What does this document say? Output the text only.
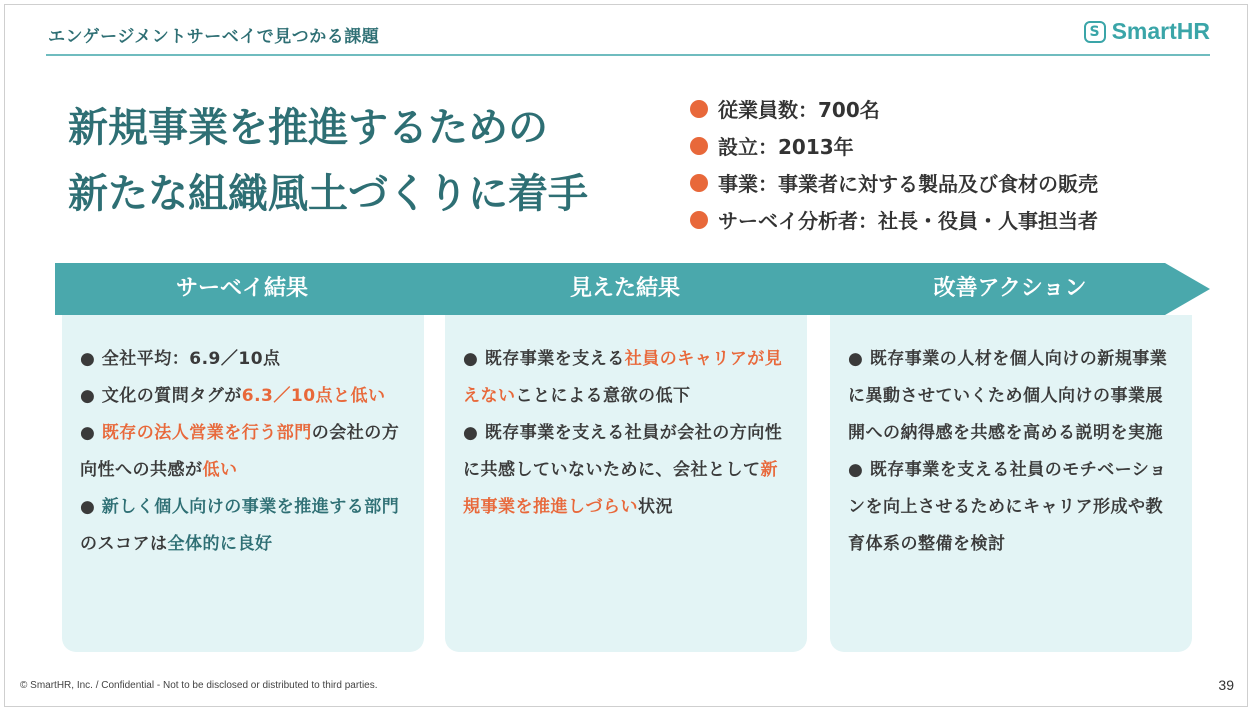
エンゲージメントサーベイで見つかる課題	S SmartHR
新規事業を推進するための
新たな組織風土づくりに着手
従業員数：700名
設立：2013年
事業：事業者に対する製品及び食材の販売
サーベイ分析者：社長・役員・人事担当者
サーベイ結果	見えた結果	改善アクション

● 全社平均：6.9／10点

● 文化の質問タグが6.3／10点と低い

● 既存の法人営業を行う部門の会社の方向性への共感が低い

● 新しく個人向けの事業を推進する部門のスコアは全体的に良好

● 既存事業を支える社員のキャリアが見えないことによる意欲の低下

● 既存事業を支える社員が会社の方向性に共感していないために、会社として新規事業を推進しづらい状況

● 既存事業の人材を個人向けの新規事業に異動させていくため個人向けの事業展開への納得感を共感を高める説明を実施

● 既存事業を支える社員のモチベーションを向上させるためにキャリア形成や教育体系の整備を検討

© SmartHR, Inc. / Confidential - Not to be disclosed or distributed to third parties.	39
